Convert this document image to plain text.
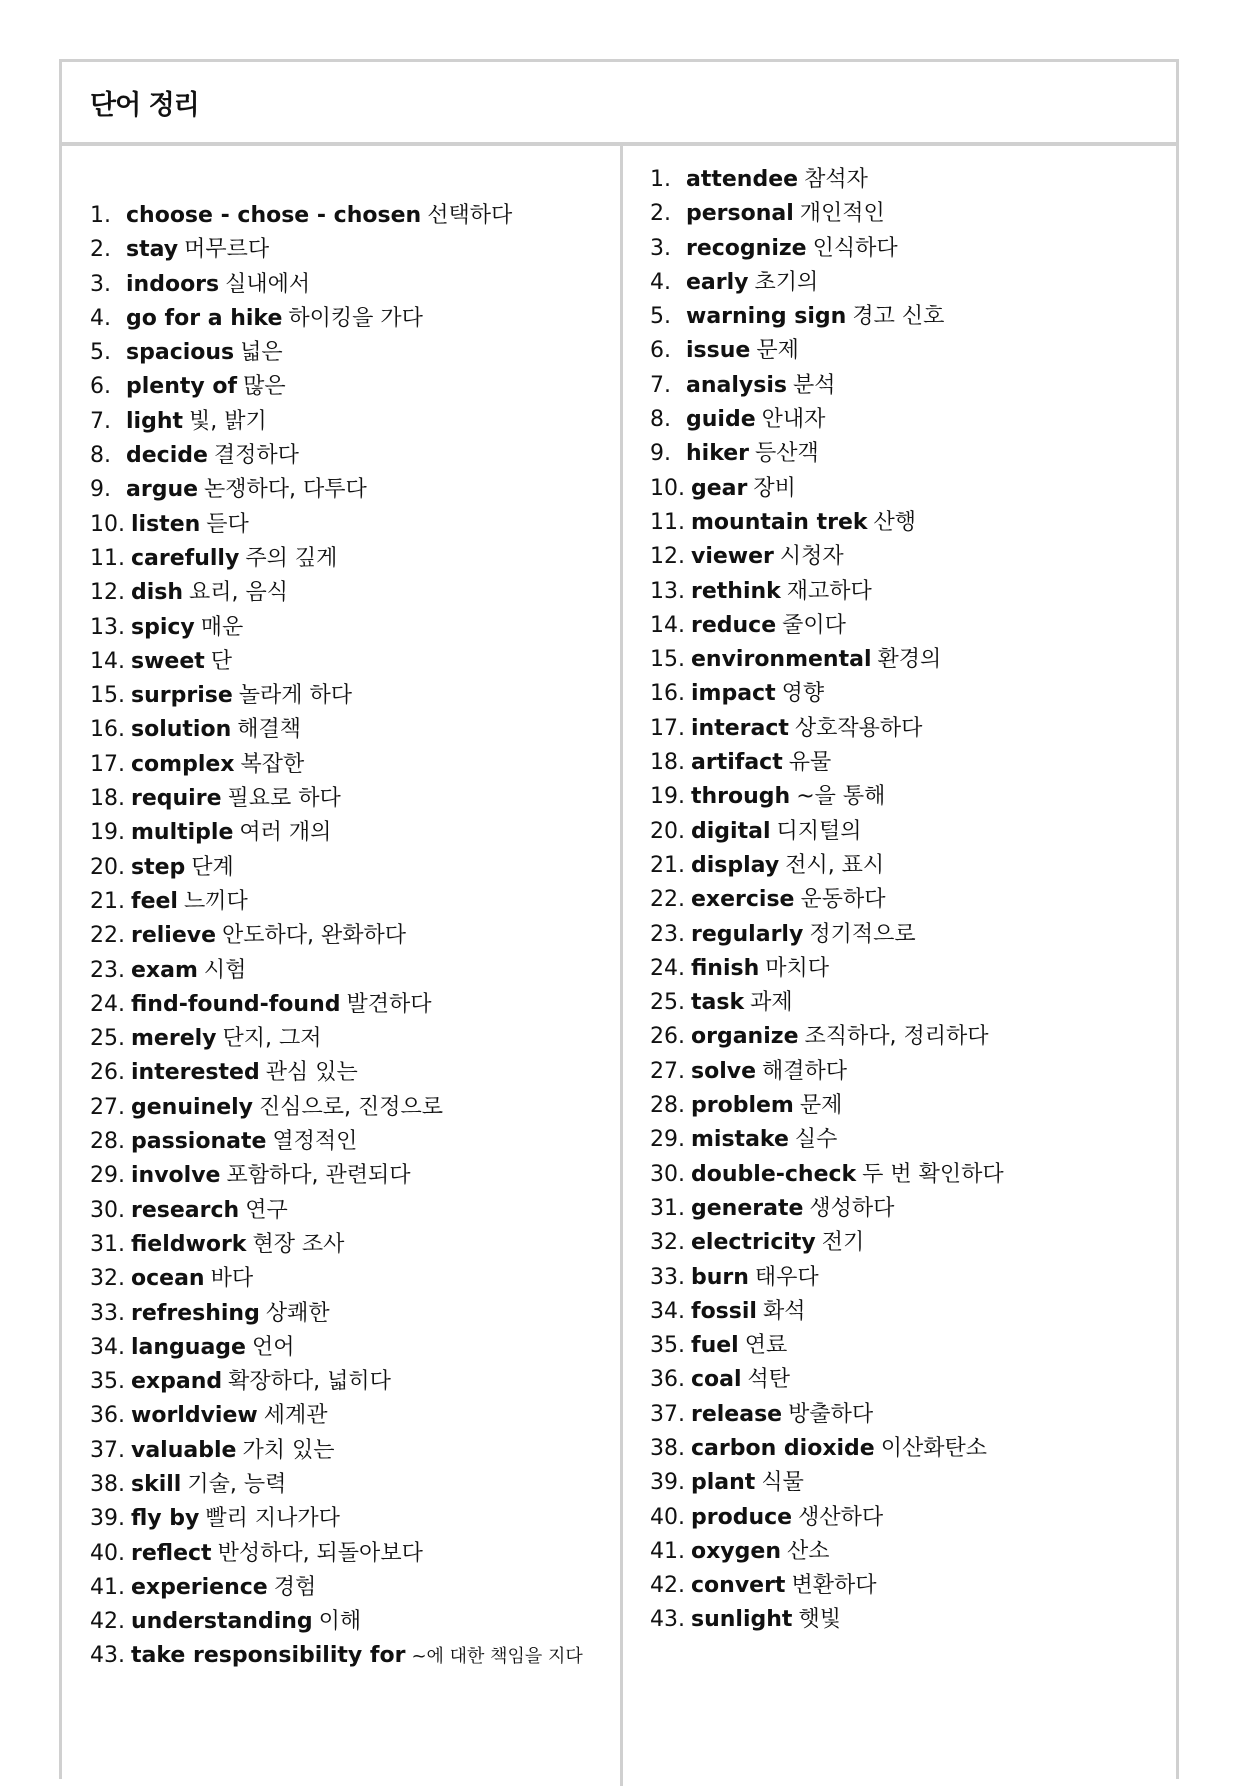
단어 정리
1. choose - chose - chosen 선택하다
2. stay 머무르다
3. indoors 실내에서
4. go for a hike 하이킹을 가다
5. spacious 넓은
6. plenty of 많은
7. light 빛, 밝기
8. decide 결정하다
9. argue 논쟁하다, 다투다
10. listen 듣다
11. carefully 주의 깊게
12. dish 요리, 음식
13. spicy 매운
14. sweet 단
15. surprise 놀라게 하다
16. solution 해결책
17. complex 복잡한
18. require 필요로 하다
19. multiple 여러 개의
20. step 단계
21. feel 느끼다
22. relieve 안도하다, 완화하다
23. exam 시험
24. find-found-found 발견하다
25. merely 단지, 그저
26. interested 관심 있는
27. genuinely 진심으로, 진정으로
28. passionate 열정적인
29. involve 포함하다, 관련되다
30. research 연구
31. fieldwork 현장 조사
32. ocean 바다
33. refreshing 상쾌한
34. language 언어
35. expand 확장하다, 넓히다
36. worldview 세계관
37. valuable 가치 있는
38. skill 기술, 능력
39. fly by 빨리 지나가다
40. reflect 반성하다, 되돌아보다
41. experience 경험
42. understanding 이해
43. take responsibility for ~에 대한 책임을 지다
1. attendee 참석자
2. personal 개인적인
3. recognize 인식하다
4. early 초기의
5. warning sign 경고 신호
6. issue 문제
7. analysis 분석
8. guide 안내자
9. hiker 등산객
10. gear 장비
11. mountain trek 산행
12. viewer 시청자
13. rethink 재고하다
14. reduce 줄이다
15. environmental 환경의
16. impact 영향
17. interact 상호작용하다
18. artifact 유물
19. through ~을 통해
20. digital 디지털의
21. display 전시, 표시
22. exercise 운동하다
23. regularly 정기적으로
24. finish 마치다
25. task 과제
26. organize 조직하다, 정리하다
27. solve 해결하다
28. problem 문제
29. mistake 실수
30. double-check 두 번 확인하다
31. generate 생성하다
32. electricity 전기
33. burn 태우다
34. fossil 화석
35. fuel 연료
36. coal 석탄
37. release 방출하다
38. carbon dioxide 이산화탄소
39. plant 식물
40. produce 생산하다
41. oxygen 산소
42. convert 변환하다
43. sunlight 햇빛
